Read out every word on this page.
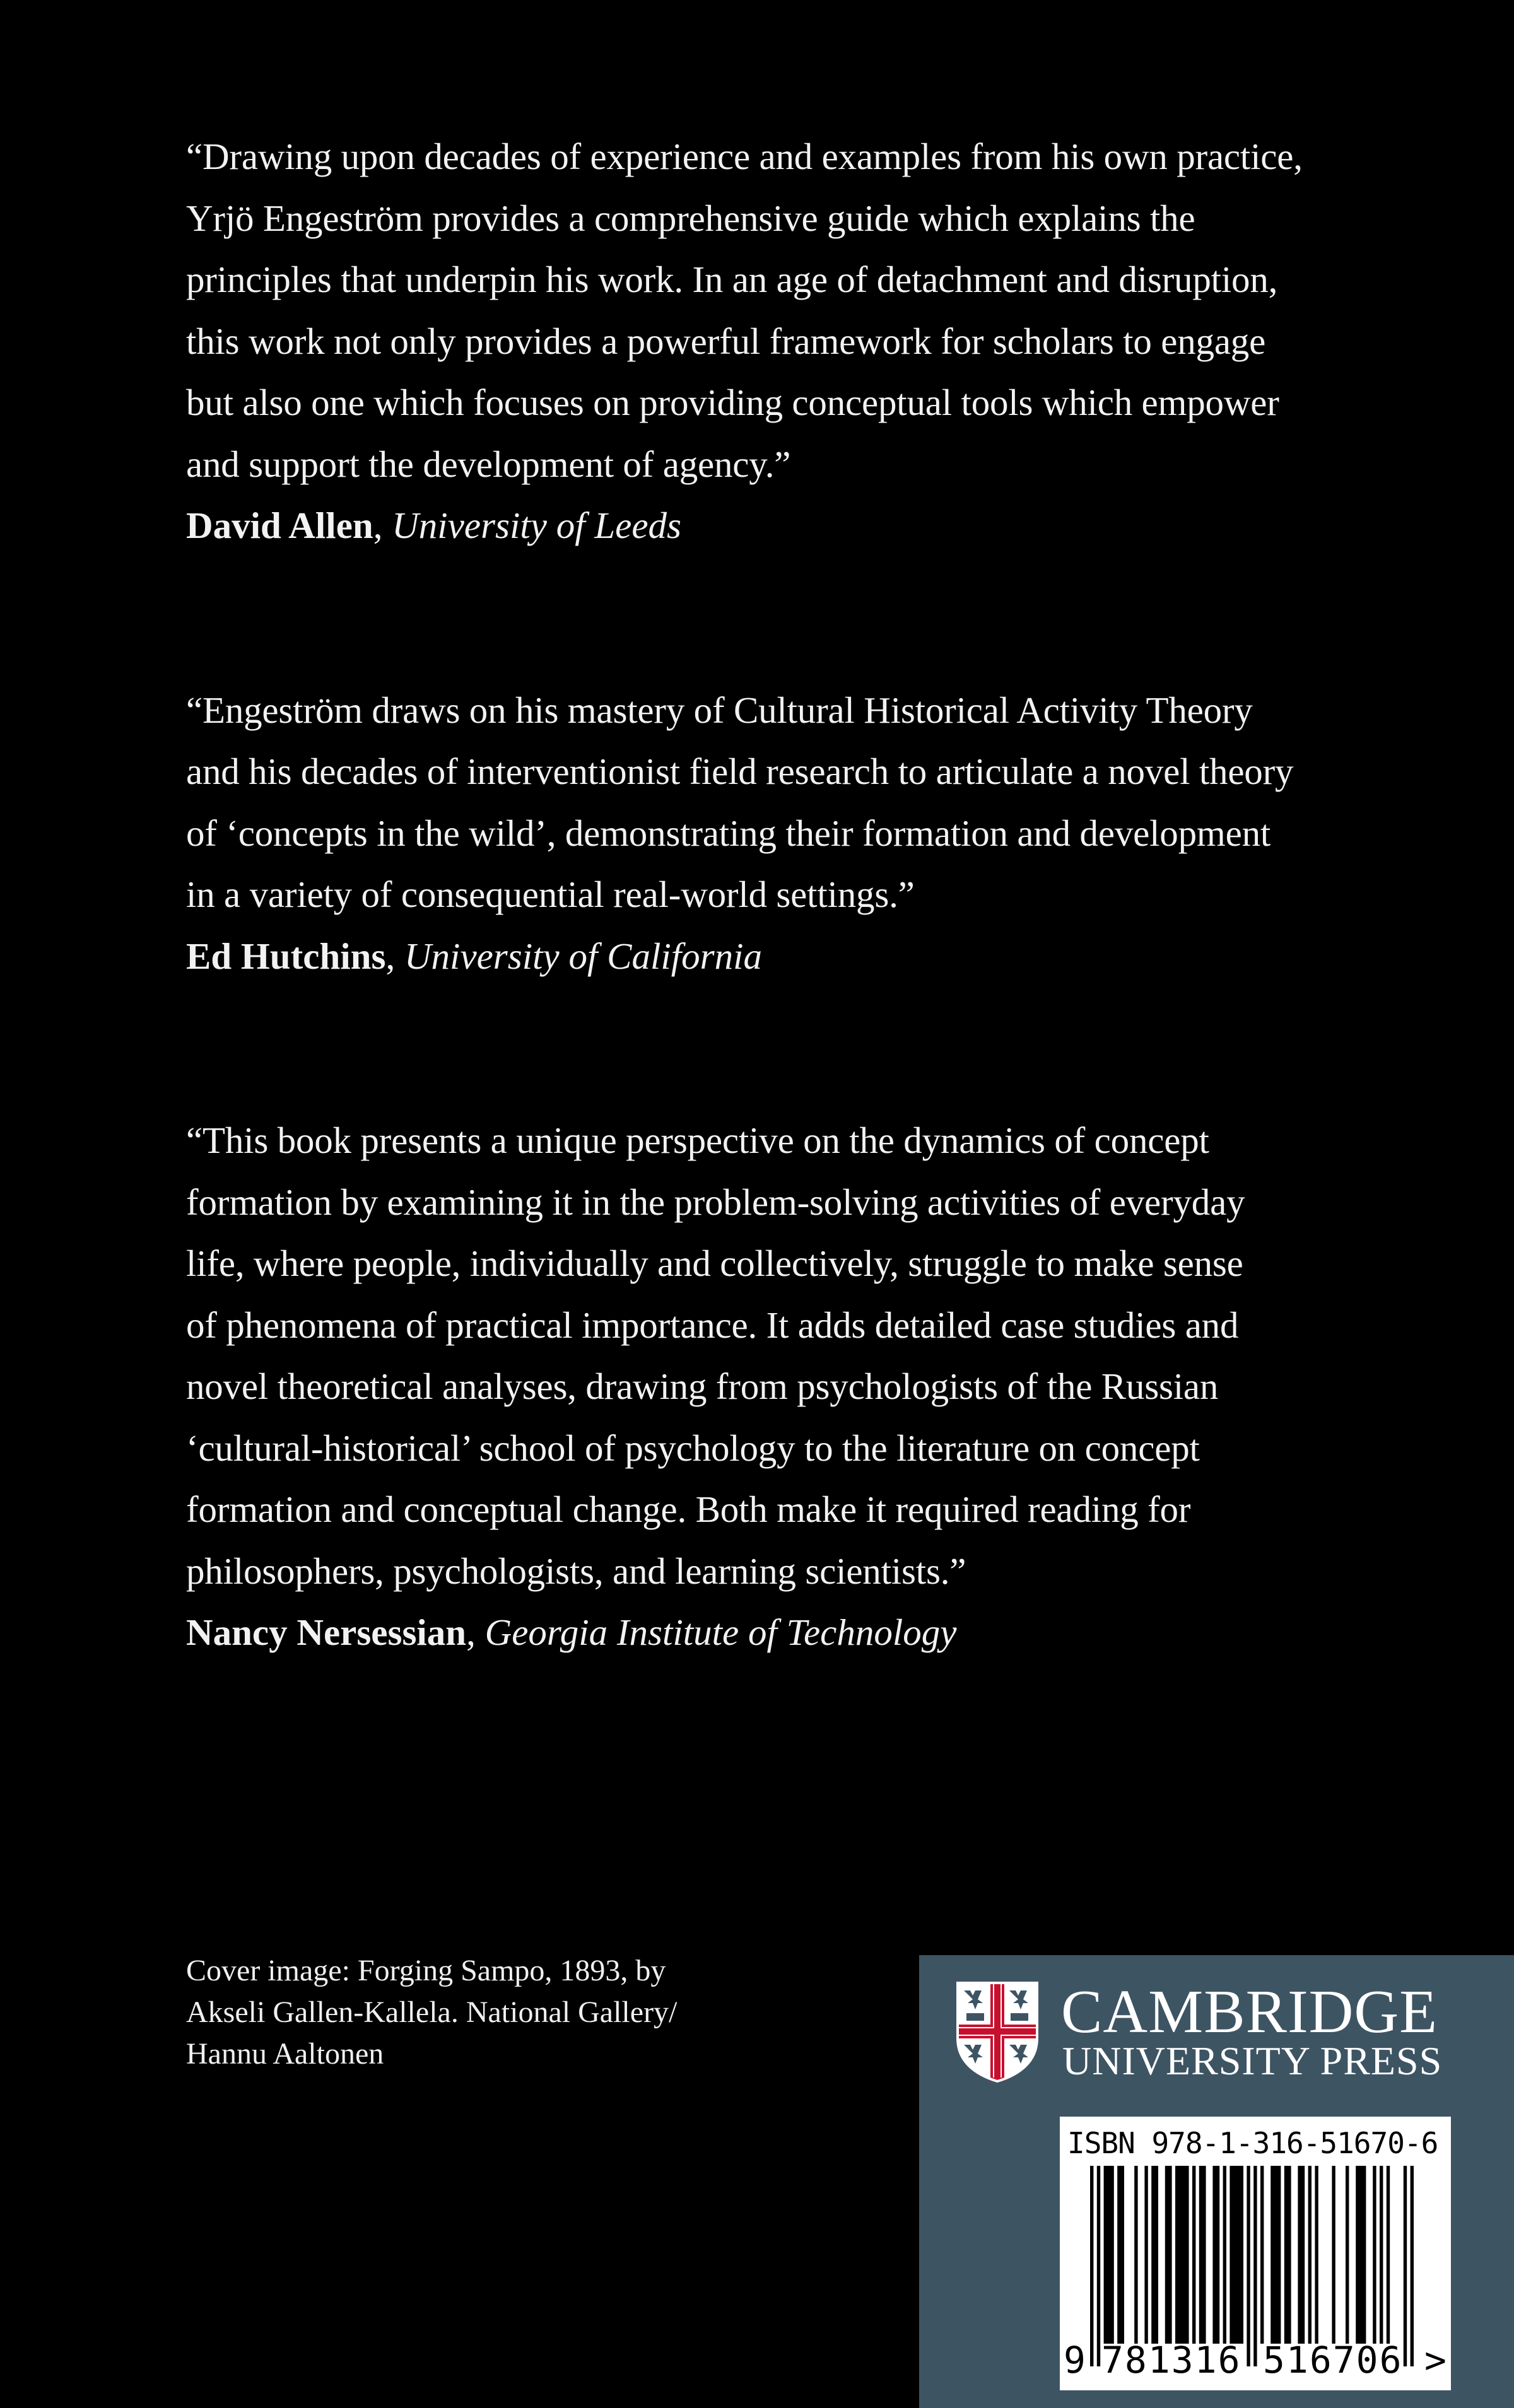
“Drawing upon decades of experience and examples from his own practice,
Yrjö Engeström provides a comprehensive guide which explains the
principles that underpin his work. In an age of detachment and disruption,
this work not only provides a powerful framework for scholars to engage
but also one which focuses on providing conceptual tools which empower
and support the development of agency.”

David Allen, University of Leeds

“Engeström draws on his mastery of Cultural Historical Activity Theory
and his decades of interventionist field research to articulate a novel theory
of ‘concepts in the wild’, demonstrating their formation and development
in a variety of consequential real-world settings.”

Ed Hutchins, University of California

“This book presents a unique perspective on the dynamics of concept
formation by examining it in the problem-solving activities of everyday
life, where people, individually and collectively, struggle to make sense
of phenomena of practical importance. It adds detailed case studies and
novel theoretical analyses, drawing from psychologists of the Russian
‘cultural-historical’ school of psychology to the literature on concept
formation and conceptual change. Both make it required reading for
philosophers, psychologists, and learning scientists.”

Nancy Nersessian, Georgia Institute of Technology

Cover image: Forging Sampo, 1893, by
Akseli Gallen-Kallela. National Gallery/
Hannu Aaltonen

CAMBRIDGE
UNIVERSITY PRESS
ISBN 978-1-316-51670-6
9 781316 516706 >
